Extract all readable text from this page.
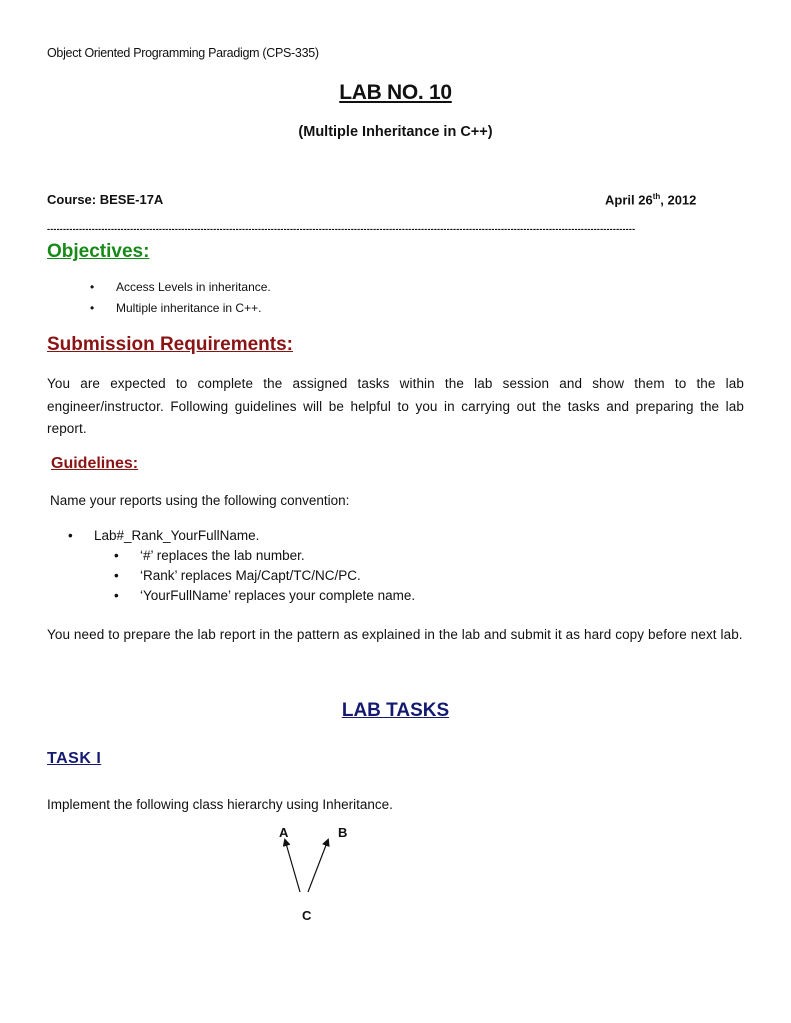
Object Oriented Programming Paradigm (CPS-335)
LAB NO. 10
(Multiple Inheritance in C++)
Course: BESE-17A	April 26th, 2012
----------------------------------------------------------------------------------------------------------------------------------------------------------------------------------------
Objectives:
• Access Levels in inheritance.
• Multiple inheritance in C++.
Submission Requirements:
You are expected to complete the assigned tasks within the lab session and show them to the lab engineer/instructor. Following guidelines will be helpful to you in carrying out the tasks and preparing the lab report.
Guidelines:
Name your reports using the following convention:
• Lab#_Rank_YourFullName.
• ‘#’ replaces the lab number.
• ‘Rank’ replaces Maj/Capt/TC/NC/PC.
• ‘YourFullName’ replaces your complete name.
You need to prepare the lab report in the pattern as explained in the lab and submit it as hard copy before next lab.
LAB TASKS
TASK I
Implement the following class hierarchy using Inheritance.
A	B
C
